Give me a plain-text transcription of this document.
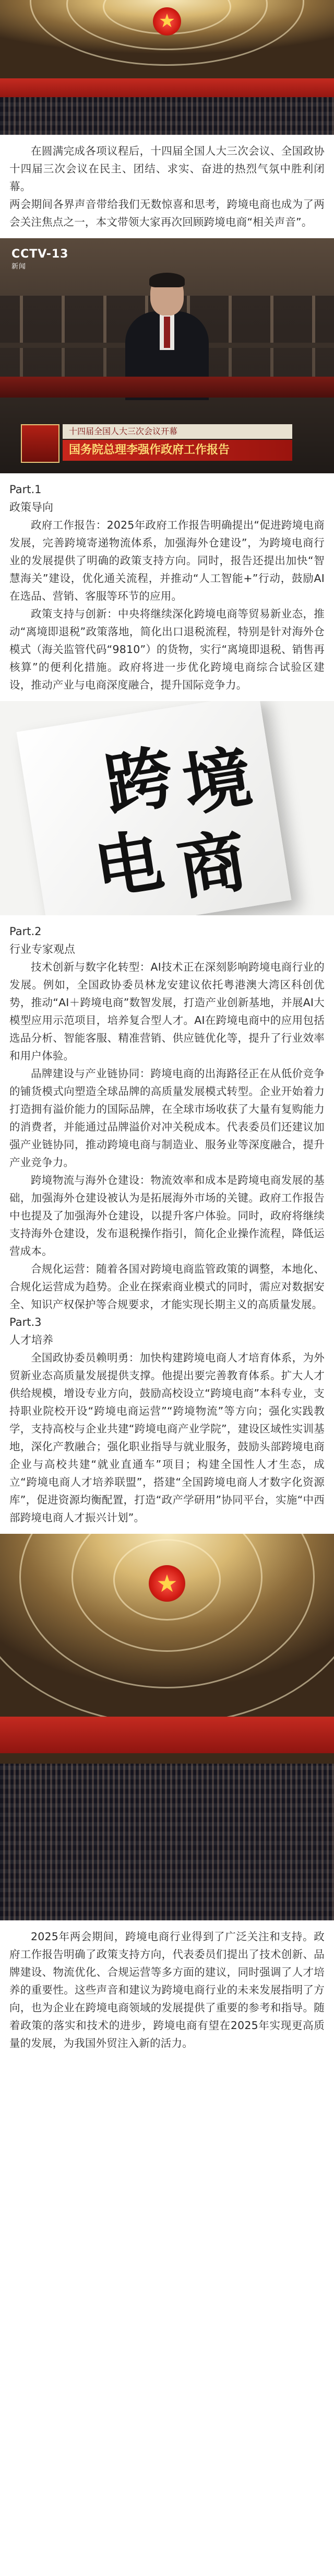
★

在圆满完成各项议程后，十四届全国人大三次会议、全国政协十四届三次会议在民主、团结、求实、奋进的热烈气氛中胜利闭幕。

两会期间各界声音带给我们无数惊喜和思考，跨境电商也成为了两会关注焦点之一，本文带领大家再次回顾跨境电商“相关声音”。

CCTV-13
新闻
十四届全国人大三次会议开幕
国务院总理李强作政府工作报告

Part.1

政策导向

政府工作报告：2025年政府工作报告明确提出“促进跨境电商发展，完善跨境寄递物流体系，加强海外仓建设”，为跨境电商行业的发展提供了明确的政策支持方向。同时，报告还提出加快“智慧海关”建设，优化通关流程，并推动“人工智能+”行动，鼓励AI在选品、营销、客服等环节的应用。

政策支持与创新：中央将继续深化跨境电商等贸易新业态，推动“离境即退税”政策落地，简化出口退税流程，特别是针对海外仓模式（海关监管代码“9810”）的货物，实行“离境即退税、销售再核算”的便利化措施。政府将进一步优化跨境电商综合试验区建设，推动产业与电商深度融合，提升国际竞争力。

跨
境
电 商

Part.2

行业专家观点

技术创新与数字化转型：AI技术正在深刻影响跨境电商行业的发展。例如，全国政协委员林龙安建议依托粤港澳大湾区科创优势，推动“AI＋跨境电商”数智发展，打造产业创新基地，并展AI大模型应用示范项目，培养复合型人才。AI在跨境电商中的应用包括选品分析、智能客服、精准营销、供应链优化等，提升了行业效率和用户体验。

品牌建设与产业链协同：跨境电商的出海路径正在从低价竞争的铺货模式向塑造全球品牌的高质量发展模式转型。企业开始着力打造拥有溢价能力的国际品牌，在全球市场收获了大量有复购能力的消费者，并能通过品牌溢价对冲关税成本。代表委员们还建议加强产业链协同，推动跨境电商与制造业、服务业等深度融合，提升产业竞争力。

跨境物流与海外仓建设：物流效率和成本是跨境电商发展的基础，加强海外仓建设被认为是拓展海外市场的关键。政府工作报告中也提及了加强海外仓建设，以提升客户体验。同时，政府将继续支持海外仓建设，发布退税操作指引，简化企业操作流程，降低运营成本。

合规化运营：随着各国对跨境电商监管政策的调整，本地化、合规化运营成为趋势。企业在探索商业模式的同时，需应对数据安全、知识产权保护等合规要求，才能实现长期主义的高质量发展。

Part.3

人才培养

全国政协委员赖明勇：加快构建跨境电商人才培育体系，为外贸新业态高质量发展提供支撑。他提出要完善教育体系。扩大人才供给规模，增设专业方向，鼓励高校设立“跨境电商”本科专业，支持职业院校开设“跨境电商运营”“跨境物流”等方向；强化实践教学，支持高校与企业共建“跨境电商产业学院”，建设区域性实训基地，深化产教融合；强化职业指导与就业服务，鼓励头部跨境电商企业与高校共建“就业直通车”项目；构建全国性人才生态，成立“跨境电商人才培养联盟”，搭建“全国跨境电商人才数字化资源库”，促进资源均衡配置，打造“政产学研用”协同平台，实施“中西部跨境电商人才振兴计划”。

★

2025年两会期间，跨境电商行业得到了广泛关注和支持。政府工作报告明确了政策支持方向，代表委员们提出了技术创新、品牌建设、物流优化、合规运营等多方面的建议，同时强调了人才培养的重要性。这些声音和建议为跨境电商行业的未来发展指明了方向，也为企业在跨境电商领域的发展提供了重要的参考和指导。随着政策的落实和技术的进步，跨境电商有望在2025年实现更高质量的发展，为我国外贸注入新的活力。
